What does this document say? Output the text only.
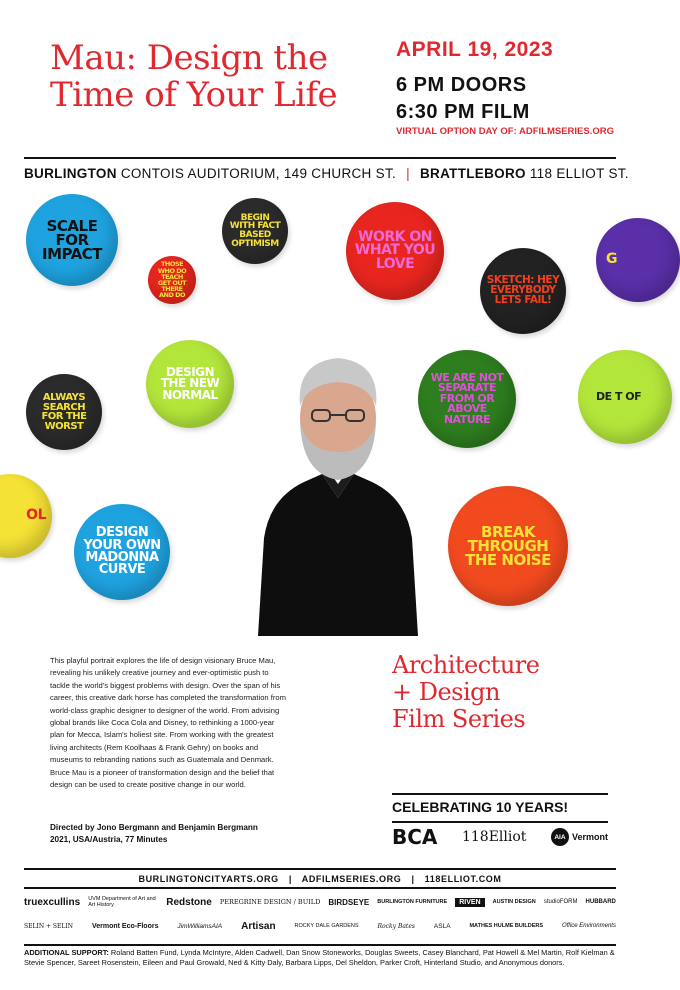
Mau: Design the
Time of Your Life
APRIL 19, 2023
6 PM DOORS
6:30 PM FILM
VIRTUAL OPTION DAY OF: ADFILMSERIES.ORG
BURLINGTON CONTOIS AUDITORIUM, 149 CHURCH ST. | BRATTLEBORO 118 ELLIOT ST.
SCALE FOR IMPACT
THOSE WHO DO TEACH GET OUT THERE AND DO
BEGIN WITH FACT BASED OPTIMISM	WORK ON WHAT YOU LOVE
SKETCH: HEY EVERYBODY LETS FAIL!
DESIGN THE NEW NORMAL
ALWAYS SEARCH FOR THE WORST
WE ARE NOT SEPARATE FROM OR ABOVE NATURE
DESIGN YOUR OWN MADONNA CURVE
BREAK THROUGH THE NOISE
DE T OF
G
OL
This playful portrait explores the life of design visionary Bruce Mau, revealing his unlikely creative journey and ever-optimistic push to tackle the world's biggest problems with design. Over the span of his career, this creative dark horse has completed the transformation from world-class graphic designer to designer of the world. From advising global brands like Coca Cola and Disney, to rethinking a 1000-year plan for Mecca, Islam's holiest site. From working with the greatest living architects (Rem Koolhaas & Frank Gehry) on books and museums to rebranding nations such as Guatemala and Denmark. Bruce Mau is a pioneer of transformation design and the belief that design can be used to create positive change in our world.
Directed by Jono Bergmann and Benjamin Bergmann
2021, USA/Austria, 77 Minutes
Architecture
+ Design
Film Series
CELEBRATING 10 YEARS!
BCA 118Elliot	AIA Vermont
BURLINGTONCITYARTS.ORG | ADFILMSERIES.ORG | 118ELLIOT.COM
truexcullins UVM Department of Art and Art History	Redstone PEREGRINE DESIGN / BUILD BIRDSEYE BURLINGTON FURNITURE	RIVEN	AUSTIN DESIGN studioFORM HUBBARD
SELIN + SELIN	Vermont Eco-Floors	JimWilliamsAIA Artisan	ROCKY DALE GARDENS	Rocky Bates	ASLA	MATHES HULME BUILDERS	Office Environments
ADDITIONAL SUPPORT: Roland Batten Fund, Lynda McIntyre, Alden Cadwell, Dan Snow Stoneworks, Douglas Sweets, Casey Blanchard, Pat Howell & Mel Martin, Rolf Kielman & Stevie Spencer, Sareet Rosenstein, Eileen and Paul Growald, Ned & Kitty Daly, Barbara Lipps, Del Sheldon, Parker Croft, Hinterland Studio, and Anonymous donors.
